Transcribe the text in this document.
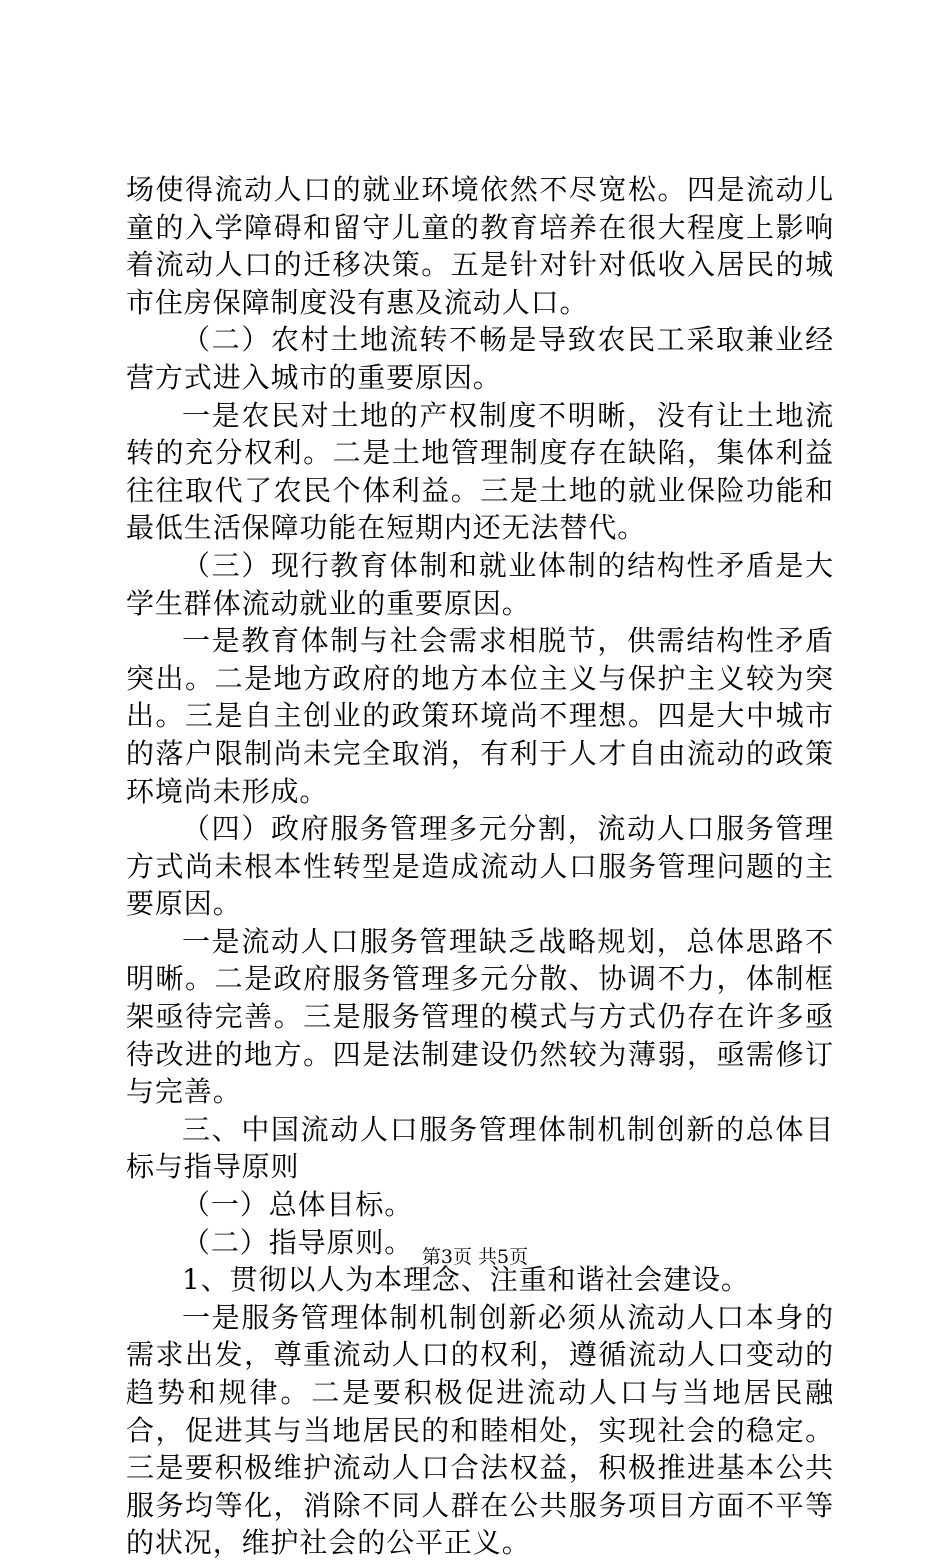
场使得流动人口的就业环境依然不尽宽松。四是流动儿童的入学障碍和留守儿童的教育培养在很大程度上影响着流动人口的迁移决策。五是针对针对低收入居民的城市住房保障制度没有惠及流动人口。

（二）农村土地流转不畅是导致农民工采取兼业经营方式进入城市的重要原因。

一是农民对土地的产权制度不明晰，没有让土地流转的充分权利。二是土地管理制度存在缺陷，集体利益往往取代了农民个体利益。三是土地的就业保险功能和最低生活保障功能在短期内还无法替代。

（三）现行教育体制和就业体制的结构性矛盾是大学生群体流动就业的重要原因。

一是教育体制与社会需求相脱节，供需结构性矛盾突出。二是地方政府的地方本位主义与保护主义较为突出。三是自主创业的政策环境尚不理想。四是大中城市的落户限制尚未完全取消，有利于人才自由流动的政策环境尚未形成。

（四）政府服务管理多元分割，流动人口服务管理方式尚未根本性转型是造成流动人口服务管理问题的主要原因。

一是流动人口服务管理缺乏战略规划，总体思路不明晰。二是政府服务管理多元分散、协调不力，体制框架亟待完善。三是服务管理的模式与方式仍存在许多亟待改进的地方。四是法制建设仍然较为薄弱，亟需修订与完善。

三、中国流动人口服务管理体制机制创新的总体目标与指导原则

（一）总体目标。

（二）指导原则。

1、贯彻以人为本理念、注重和谐社会建设。

一是服务管理体制机制创新必须从流动人口本身的需求出发，尊重流动人口的权利，遵循流动人口变动的趋势和规律。二是要积极促进流动人口与当地居民融合，促进其与当地居民的和睦相处，实现社会的稳定。三是要积极维护流动人口合法权益，积极推进基本公共服务均等化，消除不同人群在公共服务项目方面不平等的状况，维护社会的公平正义。

第3页 共5页
